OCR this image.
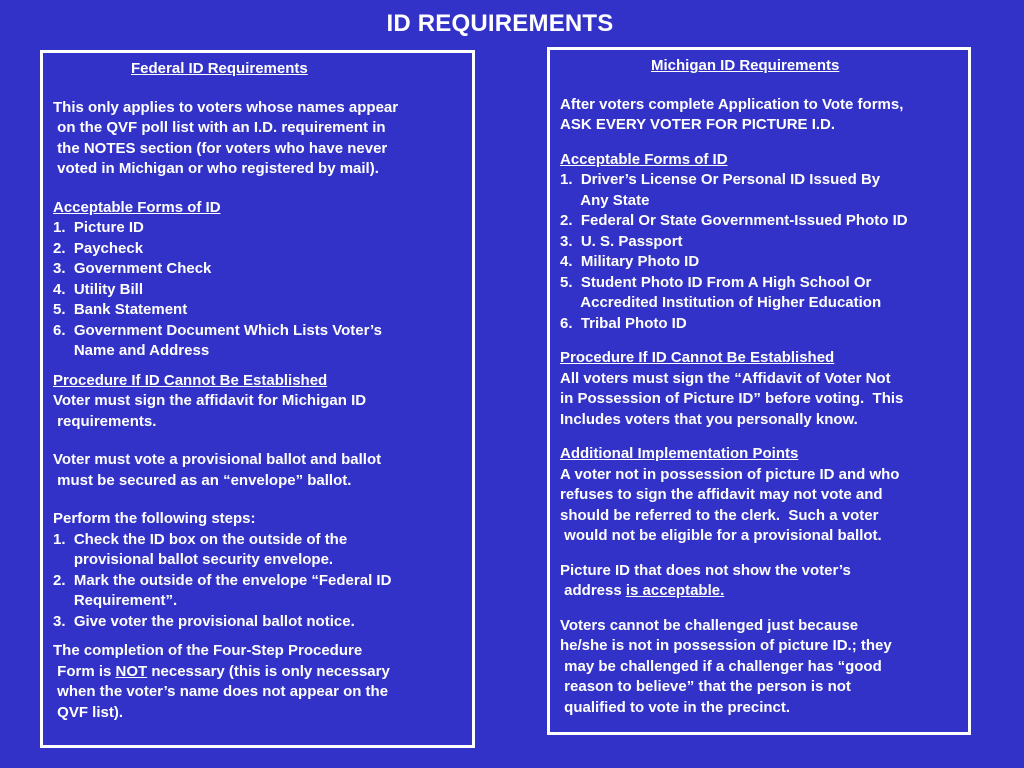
ID REQUIREMENTS
Federal ID Requirements
This only applies to voters whose names appear
on the QVF poll list with an I.D. requirement in
the NOTES section (for voters who have never
voted in Michigan or who registered by mail).
Acceptable Forms of ID
1.  Picture ID
2.  Paycheck
3.  Government Check
4.  Utility Bill
5.  Bank Statement
6.  Government Document Which Lists Voter’s
Name and Address
Procedure If ID Cannot Be Established
Voter must sign the affidavit for Michigan ID
requirements.
Voter must vote a provisional ballot and ballot
must be secured as an “envelope” ballot.
Perform the following steps:
1.  Check the ID box on the outside of the
provisional ballot security envelope.
2.  Mark the outside of the envelope “Federal ID
Requirement”.
3.  Give voter the provisional ballot notice.
The completion of the Four-Step Procedure
Form is NOT necessary (this is only necessary
when the voter’s name does not appear on the
QVF list).
Michigan ID Requirements
After voters complete Application to Vote forms,
ASK EVERY VOTER FOR PICTURE I.D.
Acceptable Forms of ID
1.  Driver’s License Or Personal ID Issued By
Any State
2.  Federal Or State Government-Issued Photo ID
3.  U. S. Passport
4.  Military Photo ID
5.  Student Photo ID From A High School Or
Accredited Institution of Higher Education
6.  Tribal Photo ID
Procedure If ID Cannot Be Established
All voters must sign the “Affidavit of Voter Not
in Possession of Picture ID” before voting.  This
Includes voters that you personally know.
Additional Implementation Points
A voter not in possession of picture ID and who
refuses to sign the affidavit may not vote and
should be referred to the clerk.  Such a voter
would not be eligible for a provisional ballot.
Picture ID that does not show the voter’s
address is acceptable.
Voters cannot be challenged just because
he/she is not in possession of picture ID.; they
may be challenged if a challenger has “good
reason to believe” that the person is not
qualified to vote in the precinct.
